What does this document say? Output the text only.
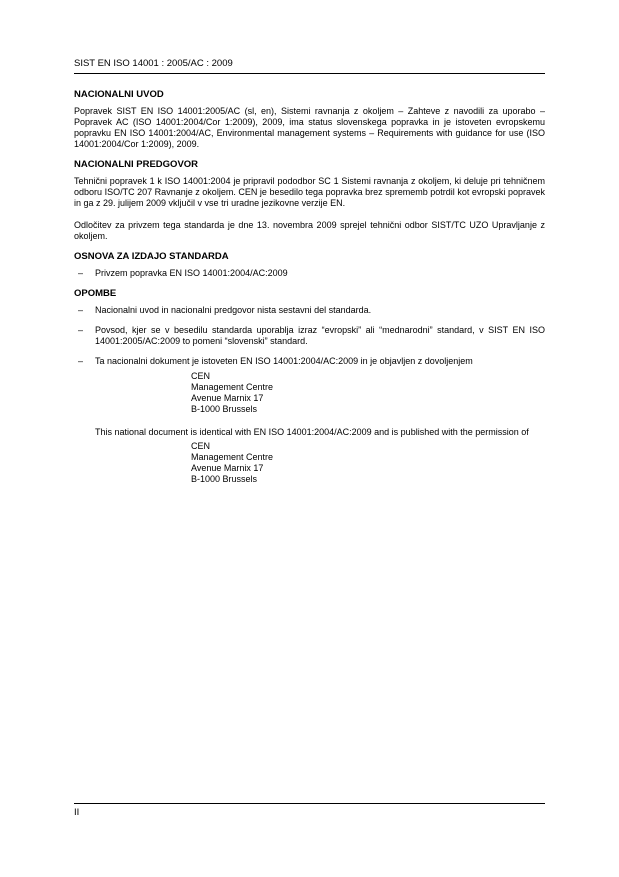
SIST EN ISO 14001 : 2005/AC : 2009
NACIONALNI UVOD

Popravek SIST EN ISO 14001:2005/AC (sl, en), Sistemi ravnanja z okoljem – Zahteve z navodili za uporabo – Popravek AC (ISO 14001:2004/Cor 1:2009), 2009, ima status slovenskega popravka in je istoveten evropskemu popravku EN ISO 14001:2004/AC, Environmental management systems – Requirements with guidance for use (ISO 14001:2004/Cor 1:2009), 2009.

NACIONALNI PREDGOVOR

Tehnični popravek 1 k ISO 14001:2004 je pripravil pododbor SC 1 Sistemi ravnanja z okoljem, ki deluje pri tehničnem odboru ISO/TC 207 Ravnanje z okoljem. CEN je besedilo tega popravka brez sprememb potrdil kot evropski popravek in ga z 29. julijem 2009 vključil v vse tri uradne jezikovne verzije EN.

Odločitev za privzem tega standarda je dne 13. novembra 2009 sprejel tehnični odbor SIST/TC UZO Upravljanje z okoljem.

OSNOVA ZA IZDAJO STANDARDA
– Privzem popravka EN ISO 14001:2004/AC:2009
OPOMBE
– Nacionalni uvod in nacionalni predgovor nista sestavni del standarda.
– Povsod, kjer se v besedilu standarda uporablja izraz “evropski” ali “mednarodni” standard, v SIST EN ISO 14001:2005/AC:2009 to pomeni “slovenski” standard.
– Ta nacionalni dokument je istoveten EN ISO 14001:2004/AC:2009 in je objavljen z dovoljenjem
CEN
Management Centre
Avenue Marnix 17
B-1000 Brussels

This national document is identical with EN ISO 14001:2004/AC:2009 and is published with the permission of

CEN
Management Centre
Avenue Marnix 17
B-1000 Brussels
II
